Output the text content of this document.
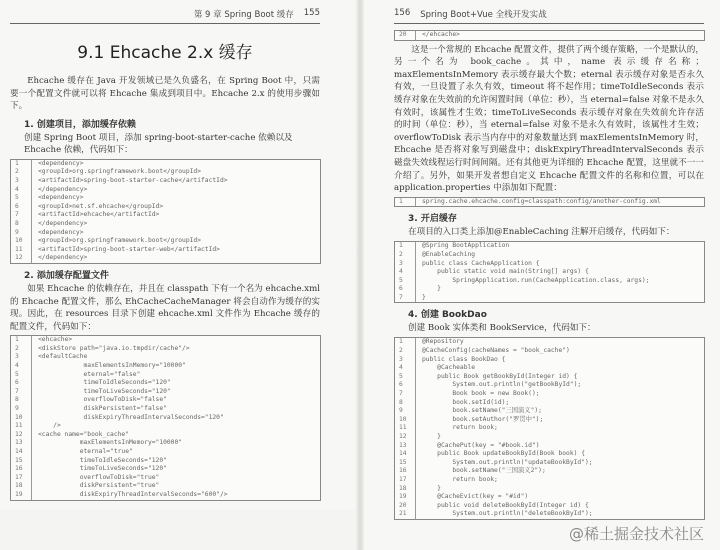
第 9 章 Spring Boot 缓存 155
9.1 Ehcache 2.x 缓存
Ehcache 缓存在 Java 开发领域已是久负盛名，在 Spring Boot 中，只需要一个配置文件就可以将 Ehcache 集成到项目中。Ehcache 2.x 的使用步骤如下。
1. 创建项目，添加缓存依赖
创建 Spring Boot 项目，添加 spring-boot-starter-cache 依赖以及 Ehcache 依赖，代码如下：
1	<dependency>
2	<groupId>org.springframework.boot</groupId>
3	<artifactId>spring-boot-starter-cache</artifactId>
4	</dependency>
5	<dependency>
6	<groupId>net.sf.ehcache</groupId>
7	<artifactId>ehcache</artifactId>
8	</dependency>
9	<dependency>
10	<groupId>org.springframework.boot</groupId>
11	<artifactId>spring-boot-starter-web</artifactId>
12	</dependency>
2. 添加缓存配置文件
如果 Ehcache 的依赖存在，并且在 classpath 下有一个名为 ehcache.xml 的 Ehcache 配置文件，那么 EhCacheCacheManager 将会自动作为缓存的实现。因此，在 resources 目录下创建 ehcache.xml 文件作为 Ehcache 缓存的配置文件，代码如下：
1	<ehcache>
2	<diskStore path="java.io.tmpdir/cache"/>
3	<defaultCache
4	maxElementsInMemory="10000"
5	eternal="false"
6	timeToIdleSeconds="120"
7	timeToLiveSeconds="120"
8	overflowToDisk="false"
9	diskPersistent="false"
10	diskExpiryThreadIntervalSeconds="120"
11	/>
12	<cache name="book_cache"
13	maxElementsInMemory="10000"
14	eternal="true"
15	timeToIdleSeconds="120"
16	timeToLiveSeconds="120"
17	overflowToDisk="true"
18	diskPersistent="true"
19	diskExpiryThreadIntervalSeconds="600"/>
156 Spring Boot+Vue 全栈开发实战
20	</ehcache>
这是一个常规的 Ehcache 配置文件，提供了两个缓存策略，一个是默认的，另一个名为 book_cache。其中，name 表示缓存名称；maxElementsInMemory 表示缓存最大个数；eternal 表示缓存对象是否永久有效，一旦设置了永久有效，timeout 将不起作用；timeToIdleSeconds 表示缓存对象在失效前的允许闲置时间（单位：秒），当 eternal=false 对象不是永久有效时，该属性才生效；timeToLiveSeconds 表示缓存对象在失效前允许存活的时间（单位：秒），当 eternal=false 对象不是永久有效时，该属性才生效；overflowToDisk 表示当内存中的对象数量达到 maxElementsInMemory 时，Ehcache 是否将对象写到磁盘中；diskExpiryThreadIntervalSeconds 表示磁盘失效线程运行时间间隔。还有其他更为详细的 Ehcache 配置，这里就不一一介绍了。另外，如果开发者想自定义 Ehcache 配置文件的名称和位置，可以在 application.properties 中添加如下配置：
1	spring.cache.ehcache.config=classpath:config/another-config.xml
3. 开启缓存
在项目的入口类上添加@EnableCaching 注解开启缓存，代码如下：
1	@Spring BootApplication
2	@EnableCaching
3	public class CacheApplication {
4	public static void main(String[] args) {
5	SpringApplication.run(CacheApplication.class, args);
6	}
7	}
4. 创建 BookDao
创建 Book 实体类和 BookService，代码如下：
1	@Repository
2	@CacheConfig(cacheNames = "book_cache")
3	public class BookDao {
4	@Cacheable
5	public Book getBookById(Integer id) {
6	System.out.println("getBookById");
7	Book book = new Book();
8	book.setId(id);
9	book.setName("三国演义");
10	book.setAuthor("罗贯中");
11	return book;
12	}
13	@CachePut(key = "#book.id")
14	public Book updateBookById(Book book) {
15	System.out.println("updateBookById");
16	book.setName("三国演义2");
17	return book;
18	}
19	@CacheEvict(key = "#id")
20	public void deleteBookById(Integer id) {
21	System.out.println("deleteBookById");
@稀土掘金技术社区
